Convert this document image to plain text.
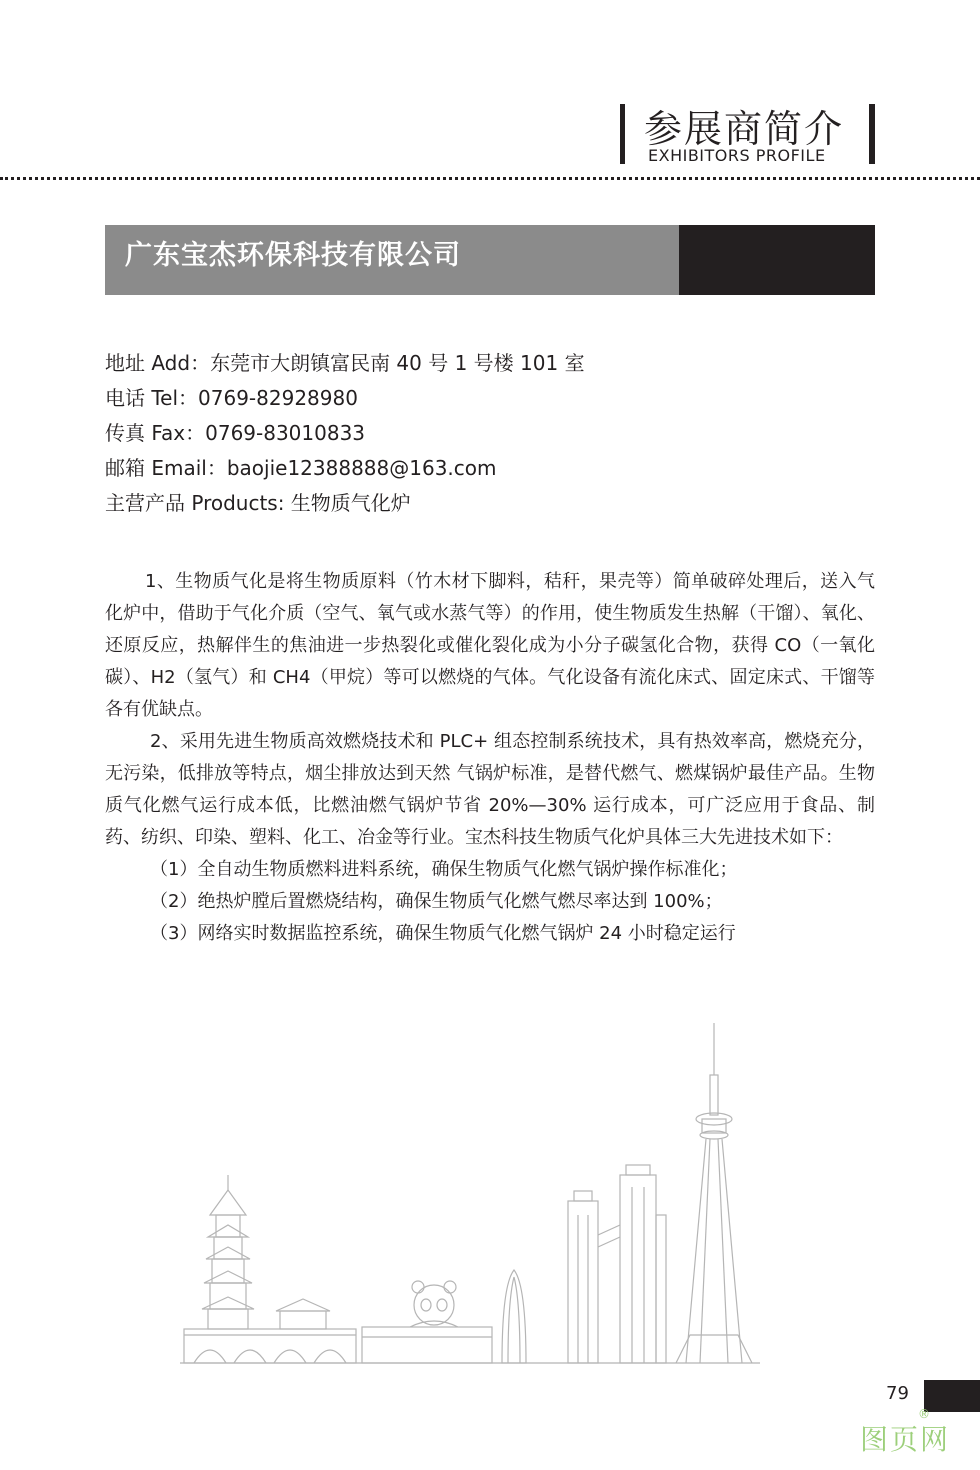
参展商简介
EXHIBITORS PROFILE
广东宝杰环保科技有限公司
地址 Add：东莞市大朗镇富民南 40 号 1 号楼 101 室
电话 Tel：0769-82928980
传真 Fax：0769-83010833
邮箱 Email：baojie12388888@163.com
主营产品 Products: 生物质气化炉

1、生物质气化是将生物质原料（竹木材下脚料，秸秆，果壳等）简单破碎处理后，送入气化炉中，借助于气化介质（空气、氧气或水蒸气等）的作用，使生物质发生热解（干馏）、氧化、还原反应，热解伴生的焦油进一步热裂化或催化裂化成为小分子碳氢化合物，获得 CO（一氧化碳）、H2（氢气）和 CH4（甲烷）等可以燃烧的气体。气化设备有流化床式、固定床式、干馏等各有优缺点。

2、采用先进生物质高效燃烧技术和 PLC+ 组态控制系统技术，具有热效率高，燃烧充分，无污染，低排放等特点，烟尘排放达到天然 气锅炉标准，是替代燃气、燃煤锅炉最佳产品。生物质气化燃气运行成本低，比燃油燃气锅炉节省 20%—30% 运行成本，可广泛应用于食品、制药、纺织、印染、塑料、化工、冶金等行业。宝杰科技生物质气化炉具体三大先进技术如下：

（1）全自动生物质燃料进料系统，确保生物质气化燃气锅炉操作标准化；

（2）绝热炉膛后置燃烧结构，确保生物质气化燃气燃尽率达到 100%；

（3）网络实时数据监控系统，确保生物质气化燃气锅炉 24 小时稳定运行

79
图页网
®
